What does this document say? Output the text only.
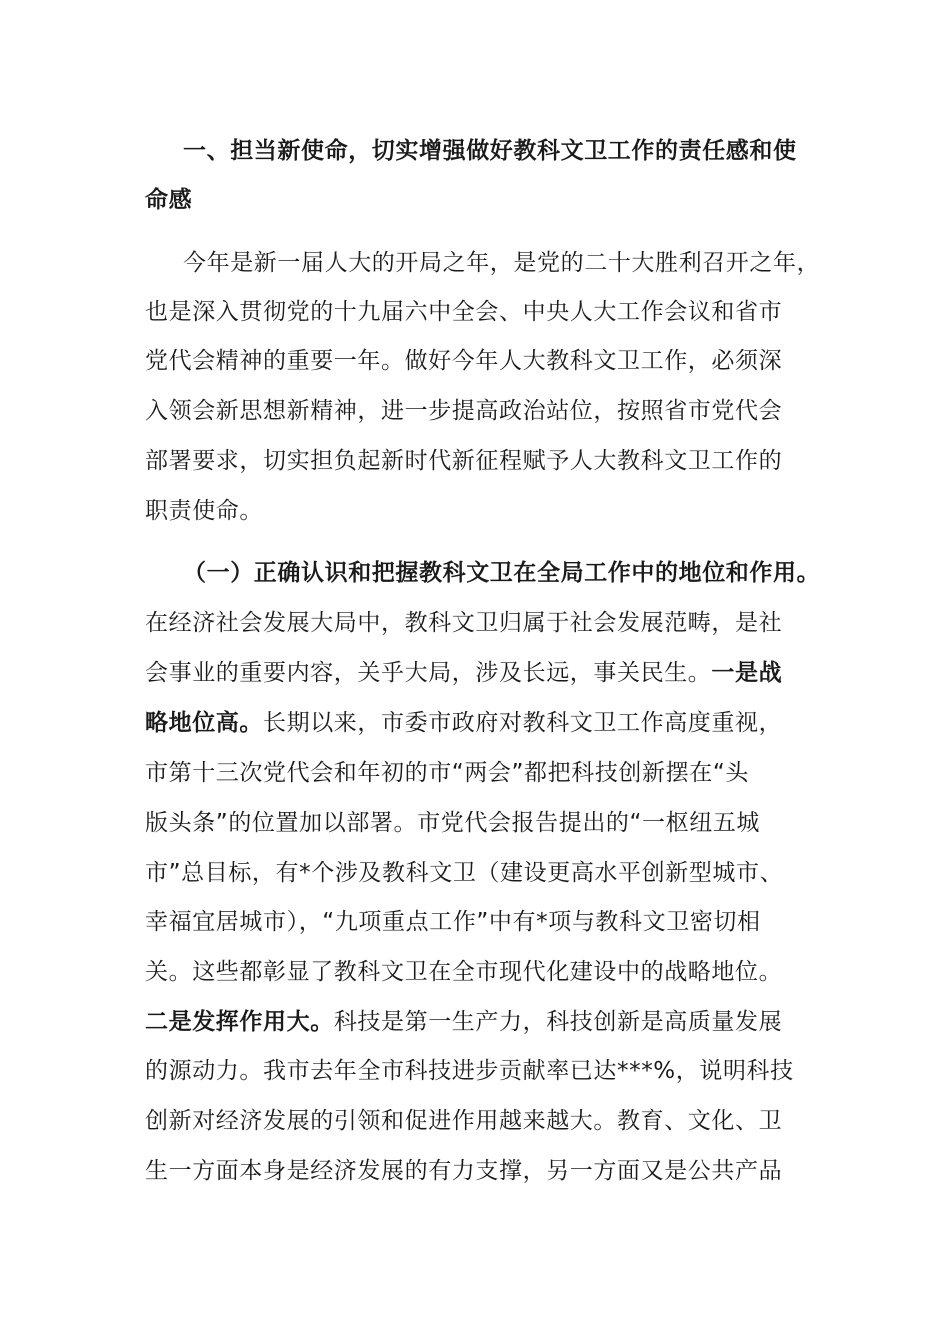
一、担当新使命，切实增强做好教科文卫工作的责任感和使
命感
今年是新一届人大的开局之年，是党的二十大胜利召开之年，
也是深入贯彻党的十九届六中全会、中央人大工作会议和省市
党代会精神的重要一年。做好今年人大教科文卫工作，必须深
入领会新思想新精神，进一步提高政治站位，按照省市党代会
部署要求，切实担负起新时代新征程赋予人大教科文卫工作的
职责使命。
（一）正确认识和把握教科文卫在全局工作中的地位和作用。
在经济社会发展大局中，教科文卫归属于社会发展范畴，是社
会事业的重要内容，关乎大局，涉及长远，事关民生。一是战
略地位高。长期以来，市委市政府对教科文卫工作高度重视，
市第十三次党代会和年初的市“两会”都把科技创新摆在“头
版头条”的位置加以部署。市党代会报告提出的“一枢纽五城
市”总目标，有*个涉及教科文卫（建设更高水平创新型城市、
幸福宜居城市），“九项重点工作”中有*项与教科文卫密切相
关。这些都彰显了教科文卫在全市现代化建设中的战略地位。
二是发挥作用大。科技是第一生产力，科技创新是高质量发展
的源动力。我市去年全市科技进步贡献率已达***%，说明科技
创新对经济发展的引领和促进作用越来越大。教育、文化、卫
生一方面本身是经济发展的有力支撑，另一方面又是公共产品
